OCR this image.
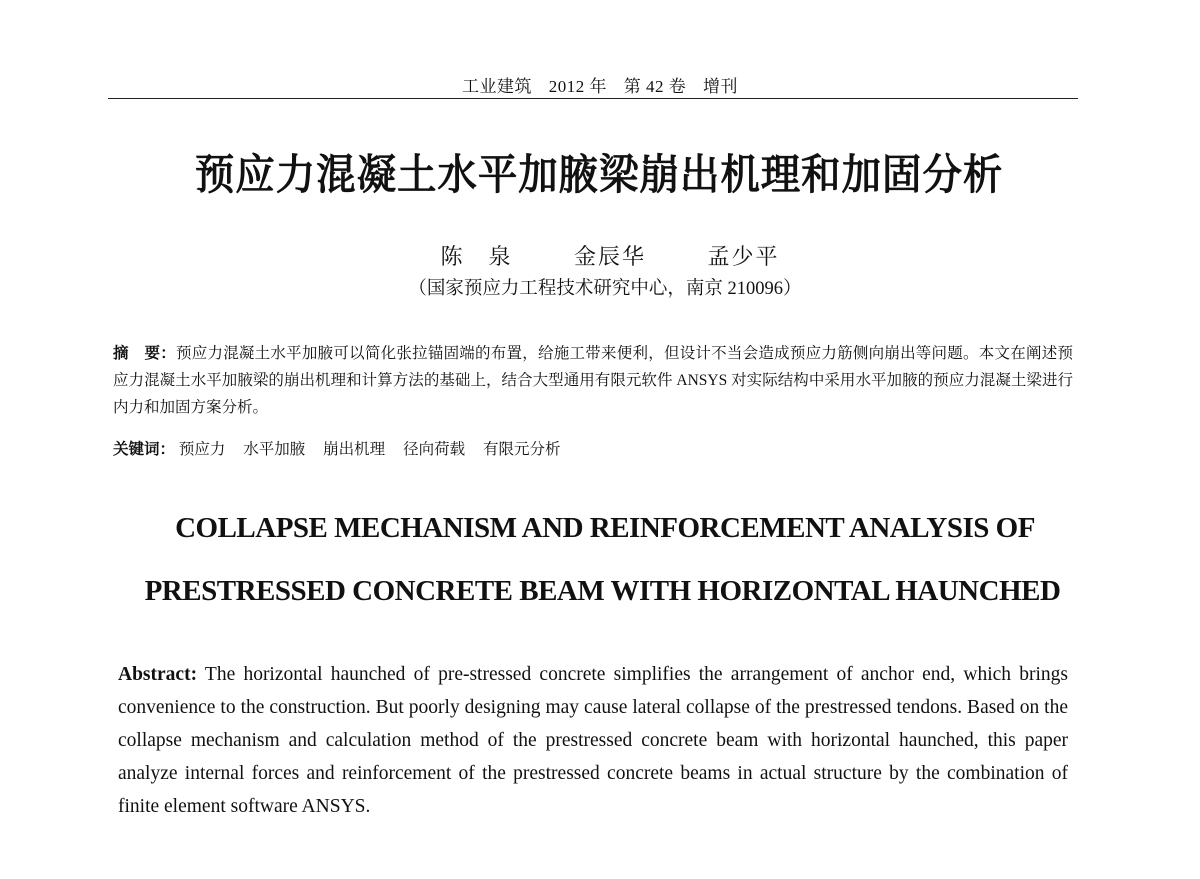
工业建筑 2012 年 第 42 卷 增刊
预应力混凝土水平加腋梁崩出机理和加固分析
陈　泉	金辰华	孟少平
（国家预应力工程技术研究中心，南京 210096）
摘　要：预应力混凝土水平加腋可以简化张拉锚固端的布置，给施工带来便利，但设计不当会造成预应力筋侧向崩出等问题。本文在阐述预应力混凝土水平加腋梁的崩出机理和计算方法的基础上，结合大型通用有限元软件 ANSYS 对实际结构中采用水平加腋的预应力混凝土梁进行内力和加固方案分析。
关键词： 预应力 水平加腋 崩出机理 径向荷载 有限元分析
COLLAPSE MECHANISM AND REINFORCEMENT ANALYSIS OF
PRESTRESSED CONCRETE BEAM WITH HORIZONTAL HAUNCHED
Abstract: The horizontal haunched of pre-stressed concrete simplifies the arrangement of anchor end, which brings convenience to the construction. But poorly designing may cause lateral collapse of the prestressed tendons. Based on the collapse mechanism and calculation method of the prestressed concrete beam with horizontal haunched, this paper analyze internal forces and reinforcement of the prestressed concrete beams in actual structure by the combination of finite element software ANSYS.
